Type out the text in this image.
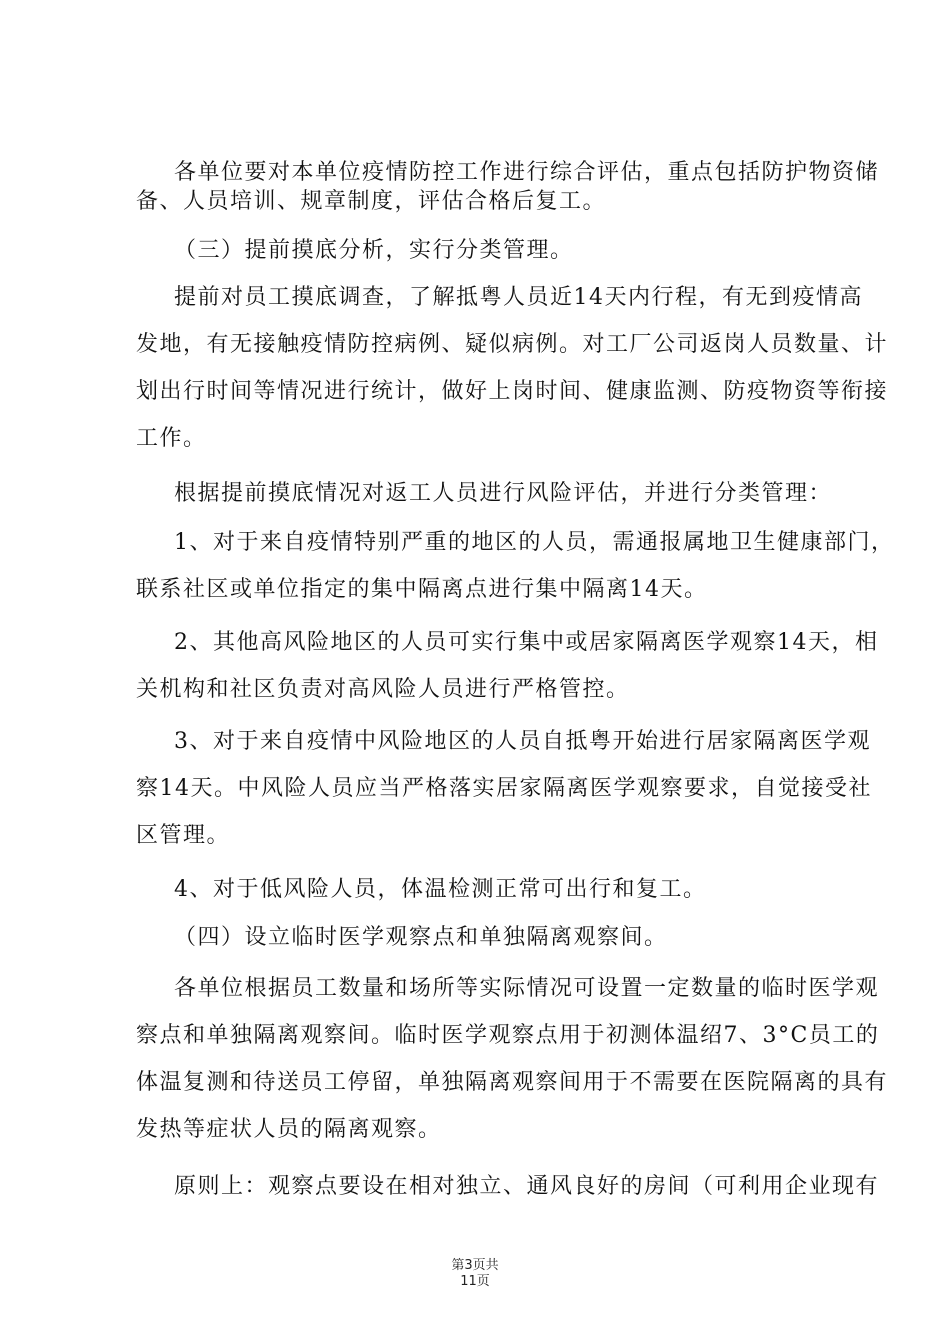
各单位要对本单位疫情防控工作进行综合评估，重点包括防护物资储
备、人员培训、规章制度，评估合格后复工。
（三）提前摸底分析，实行分类管理。
提前对员工摸底调查，了解抵粤人员近14天内行程，有无到疫情高
发地，有无接触疫情防控病例、疑似病例。对工厂公司返岗人员数量、计
划出行时间等情况进行统计，做好上岗时间、健康监测、防疫物资等衔接
工作。
根据提前摸底情况对返工人员进行风险评估，并进行分类管理：
1、对于来自疫情特别严重的地区的人员，需通报属地卫生健康部门，
联系社区或单位指定的集中隔离点进行集中隔离14天。
2、其他高风险地区的人员可实行集中或居家隔离医学观察14天，相
关机构和社区负责对高风险人员进行严格管控。
3、对于来自疫情中风险地区的人员自抵粤开始进行居家隔离医学观
察14天。中风险人员应当严格落实居家隔离医学观察要求，自觉接受社
区管理。
4、对于低风险人员，体温检测正常可出行和复工。
（四）设立临时医学观察点和单独隔离观察间。
各单位根据员工数量和场所等实际情况可设置一定数量的临时医学观
察点和单独隔离观察间。临时医学观察点用于初测体温绍7、3°C员工的
体温复测和待送员工停留，单独隔离观察间用于不需要在医院隔离的具有
发热等症状人员的隔离观察。
原则上：观察点要设在相对独立、通风良好的房间（可利用企业现有
第3页共
11页
